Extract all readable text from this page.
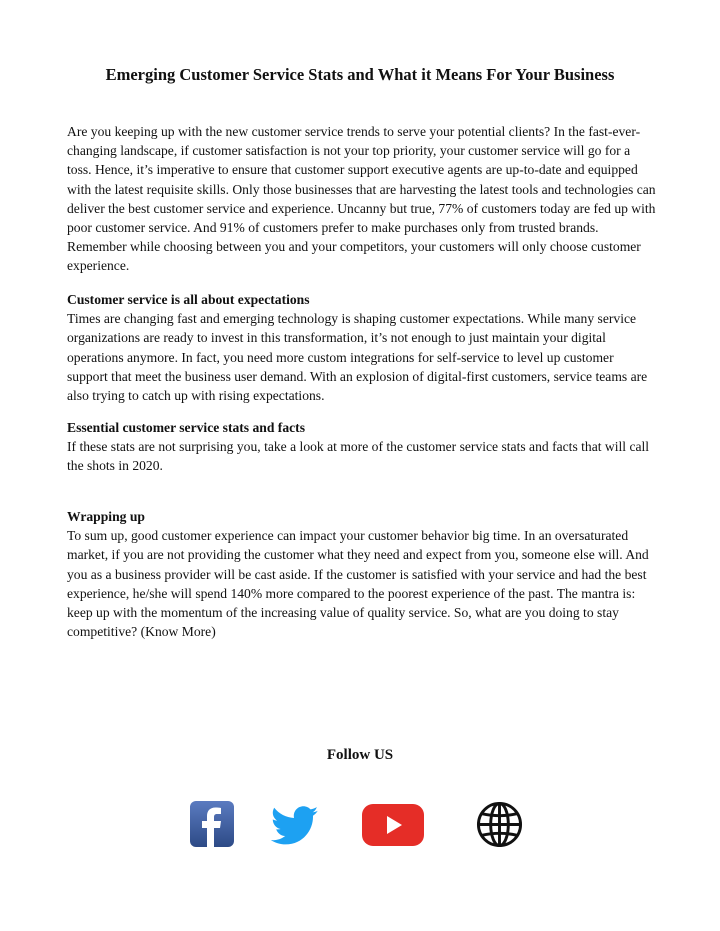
Emerging Customer Service Stats and What it Means For Your Business

Are you keeping up with the new customer service trends to serve your potential clients? In the fast-ever-changing landscape, if customer satisfaction is not your top priority, your customer service will go for a toss. Hence, it’s imperative to ensure that customer support executive agents are up-to-date and equipped with the latest requisite skills. Only those businesses that are harvesting the latest tools and technologies can deliver the best customer service and experience. Uncanny but true, 77% of customers today are fed up with poor customer service. And 91% of customers prefer to make purchases only from trusted brands. Remember while choosing between you and your competitors, your customers will only choose customer experience.

Customer service is all about expectations

Times are changing fast and emerging technology is shaping customer expectations. While many service organizations are ready to invest in this transformation, it’s not enough to just maintain your digital operations anymore. In fact, you need more custom integrations for self-service to level up customer support that meet the business user demand. With an explosion of digital-first customers, service teams are also trying to catch up with rising expectations.

Essential customer service stats and facts

If these stats are not surprising you, take a look at more of the customer service stats and facts that will call the shots in 2020.

Wrapping up

To sum up, good customer experience can impact your customer behavior big time. In an oversaturated market, if you are not providing the customer what they need and expect from you, someone else will. And you as a business provider will be cast aside. If the customer is satisfied with your service and had the best experience, he/she will spend 140% more compared to the poorest experience of the past. The mantra is: keep up with the momentum of the increasing value of quality service. So, what are you doing to stay competitive? (Know More)

Follow US
